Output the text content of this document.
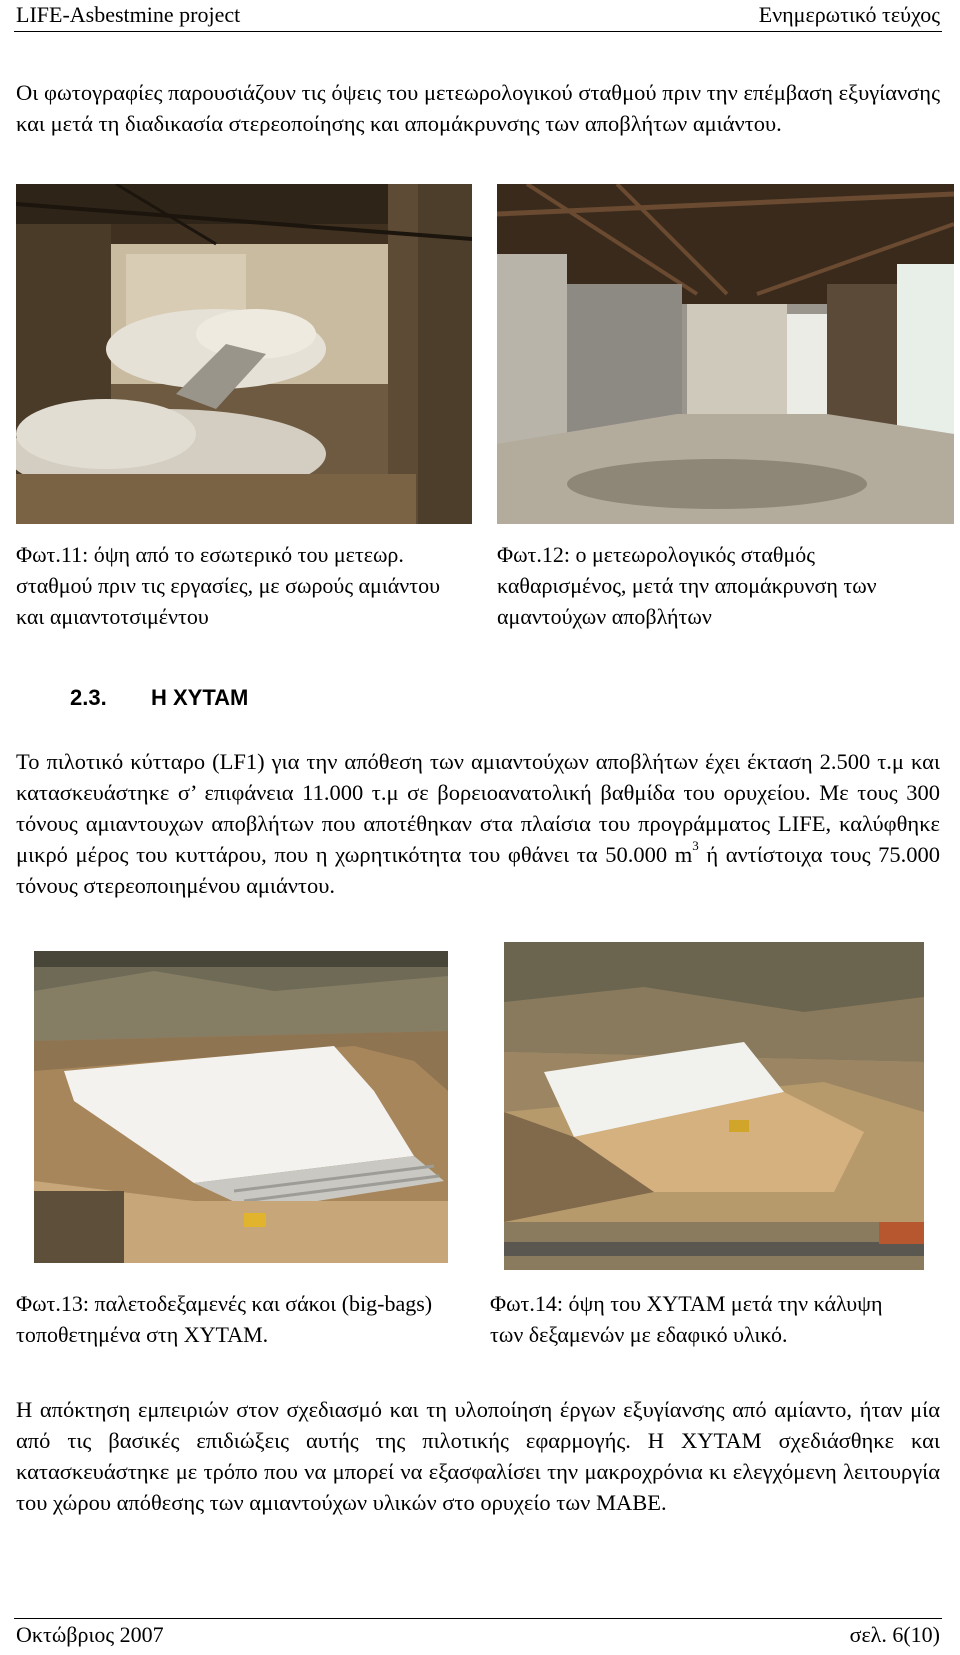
LIFE-Asbestmine project	Ενημερωτικό τεύχος
Οι φωτογραφίες παρουσιάζουν τις όψεις του μετεωρολογικού σταθμού πριν την επέμβαση εξυγίανσης και μετά τη διαδικασία στερεοποίησης και απομάκρυνσης των αποβλήτων αμιάντου.
Φωτ.11: όψη από το εσωτερικό του μετεωρ. σταθμού πριν τις εργασίες, με σωρούς αμιάντου και αμιαντοτσιμέντου
Φωτ.12: ο μετεωρολογικός σταθμός καθαρισμένος, μετά την απομάκρυνση των αμαντούχων αποβλήτων
2.3. Η ΧΥΤΑΜ
Το πιλοτικό κύτταρο (LF1) για την απόθεση των αμιαντούχων αποβλήτων έχει έκταση 2.500 τ.μ και κατασκευάστηκε σ’ επιφάνεια 11.000 τ.μ σε βορειοανατολική βαθμίδα του ορυχείου. Με τους 300 τόνους αμιαντουχων αποβλήτων που αποτέθηκαν στα πλαίσια του προγράμματος LIFE, καλύφθηκε μικρό μέρος του κυττάρου, που η χωρητικότητα του φθάνει τα 50.000 $m^3$ ή αντίστοιχα τους 75.000 τόνους στερεοποιημένου αμιάντου.
Φωτ.13: παλετοδεξαμενές και σάκοι (big-bags) τοποθετημένα στη ΧΥΤΑΜ.
Φωτ.14: όψη του ΧΥΤΑΜ μετά την κάλυψη των δεξαμενών με εδαφικό υλικό.
Η απόκτηση εμπειριών στον σχεδιασμό και τη υλοποίηση έργων εξυγίανσης από αμίαντο, ήταν μία από τις βασικές επιδιώξεις αυτής της πιλοτικής εφαρμογής. Η ΧΥΤΑΜ σχεδιάσθηκε και κατασκευάστηκε με τρόπο που να μπορεί να εξασφαλίσει την μακροχρόνια κι ελεγχόμενη λειτουργία του χώρου απόθεσης των αμιαντούχων υλικών στο ορυχείο των ΜΑΒΕ.
Οκτώβριος 2007	σελ. 6(10)
